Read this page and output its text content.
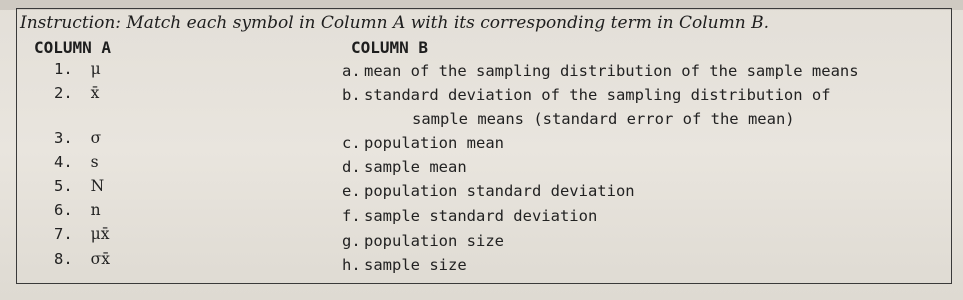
Instruction: Match each symbol in Column A with its corresponding term in Column B.
COLUMN A	COLUMN B
1. μ
2. x̄
3. σ
4. s
5. N
6. n
7. μx̄
8. σx̄
a. mean of the sampling distribution of the sample means
b. standard deviation of the sampling distribution of
sample means (standard error of the mean)
c. population mean
d. sample mean
e. population standard deviation
f. sample standard deviation
g. population size
h. sample size
